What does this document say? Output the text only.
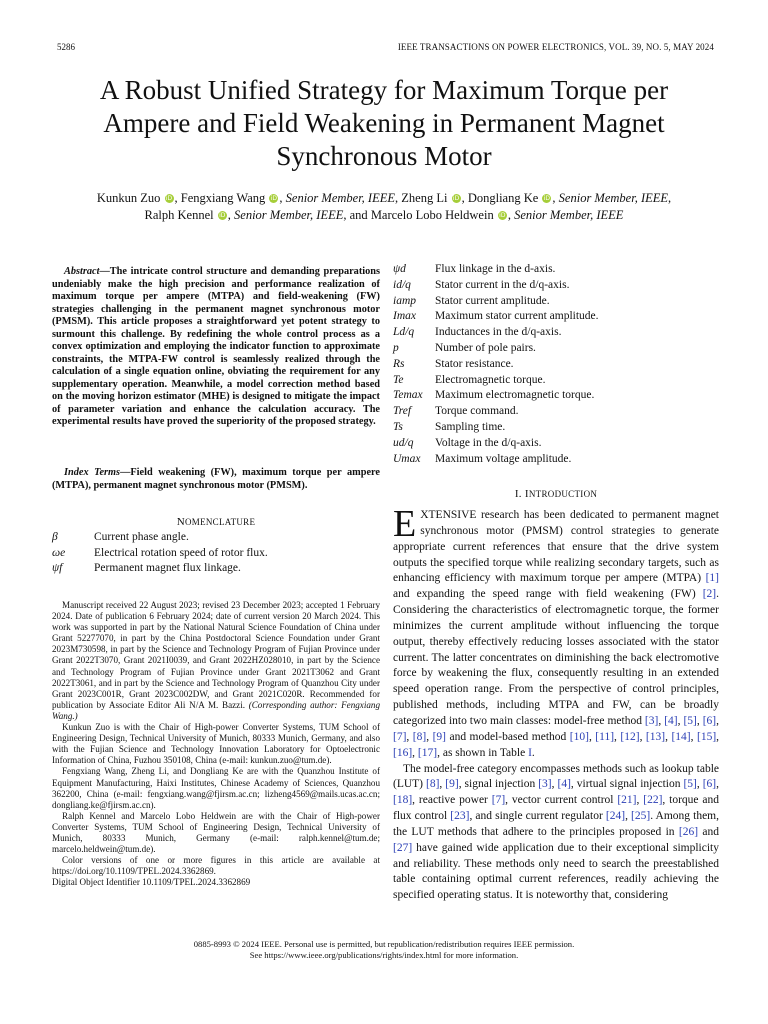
5286	IEEE TRANSACTIONS ON POWER ELECTRONICS, VOL. 39, NO. 5, MAY 2024
A Robust Unified Strategy for Maximum Torque per
Ampere and Field Weakening in Permanent Magnet
Synchronous Motor
Kunkun Zuo iD , Fengxiang Wang iD , Senior Member, IEEE, Zheng Li iD , Dongliang Ke iD , Senior Member, IEEE,
Ralph Kennel iD , Senior Member, IEEE, and Marcelo Lobo Heldwein iD , Senior Member, IEEE
Abstract—The intricate control structure and demanding preparations undeniably make the high precision and performance realization of maximum torque per ampere (MTPA) and field-weakening (FW) strategies challenging in the permanent magnet synchronous motor (PMSM). This article proposes a straightforward yet potent strategy to surmount this challenge. By redefining the whole control process as a convex optimization and employing the indicator function to approximate constraints, the MTPA-FW control is seamlessly realized through the calculation of a single equation online, obviating the requirement for any supplementary operation. Meanwhile, a model correction method based on the moving horizon estimator (MHE) is designed to mitigate the impact of parameter variation and enhance the calculation accuracy. The experimental results have proved the superiority of the proposed strategy.
Index Terms—Field weakening (FW), maximum torque per ampere (MTPA), permanent magnet synchronous motor (PMSM).
NOMENCLATURE
β	Current phase angle.
ωe	Electrical rotation speed of rotor flux.
ψf	Permanent magnet flux linkage.

Manuscript received 22 August 2023; revised 23 December 2023; accepted 1 February 2024. Date of publication 6 February 2024; date of current version 20 March 2024. This work was supported in part by the National Natural Science Foundation of China under Grant 52277070, in part by the China Postdoctoral Science Foundation under Grant 2023M730598, in part by the Science and Technology Program of Fujian Province under Grant 2022T3070, Grant 2021I0039, and Grant 2022HZ028010, in part by the Science and Technology Program of Fujian Province under Grant 2021T3062 and Grant 2022T3061, and in part by the Science and Technology Program of Quanzhou City under Grant 2023C001R, Grant 2023C002DW, and Grant 2021C020R. Recommended for publication by Associate Editor Ali N/A M. Bazzi. (Corresponding author: Fengxiang Wang.)

Kunkun Zuo is with the Chair of High-power Converter Systems, TUM School of Engineering Design, Technical University of Munich, 80333 Munich, Germany, and also with the Fujian Science and Technology Innovation Laboratory for Optoelectronic Information of China, Fuzhou 350108, China (e-mail: kunkun.zuo@tum.de).

Fengxiang Wang, Zheng Li, and Dongliang Ke are with the Quanzhou Institute of Equipment Manufacturing, Haixi Institutes, Chinese Academy of Sciences, Quanzhou 362200, China (e-mail: fengxiang.wang@fjirsm.ac.cn; lizheng4569@mails.ucas.ac.cn; dongliang.ke@fjirsm.ac.cn).

Ralph Kennel and Marcelo Lobo Heldwein are with the Chair of High-power Converter Systems, TUM School of Engineering Design, Technical University of Munich, 80333 Munich, Germany (e-mail: ralph.kennel@tum.de; marcelo.heldwein@tum.de).

Color versions of one or more figures in this article are available at https://doi.org/10.1109/TPEL.2024.3362869.

Digital Object Identifier 10.1109/TPEL.2024.3362869

ψd	Flux linkage in the d-axis.
id/q	Stator current in the d/q-axis.
iamp	Stator current amplitude.
Imax	Maximum stator current amplitude.
Ld/q	Inductances in the d/q-axis.
p	Number of pole pairs.
Rs	Stator resistance.
Te	Electromagnetic torque.
Temax	Maximum electromagnetic torque.
Tref	Torque command.
Ts	Sampling time.
ud/q	Voltage in the d/q-axis.
Umax	Maximum voltage amplitude.
I. INTRODUCTION

EXTENSIVE research has been dedicated to permanent magnet synchronous motor (PMSM) control strategies to generate appropriate current references that ensure that the drive system outputs the specified torque while realizing secondary targets, such as enhancing efficiency with maximum torque per ampere (MTPA) [1] and expanding the speed range with field weakening (FW) [2]. Considering the characteristics of electromagnetic torque, the former minimizes the current amplitude without influencing the torque output, thereby effectively reducing losses associated with the stator current. The latter concentrates on diminishing the back electromotive force by weakening the flux, consequently resulting in an extended speed operation range. From the perspective of control principles, published methods, including MTPA and FW, can be broadly categorized into two main classes: model-free method [3], [4], [5], [6], [7], [8], [9] and model-based method [10], [11], [12], [13], [14], [15], [16], [17], as shown in Table I.

The model-free category encompasses methods such as lookup table (LUT) [8], [9], signal injection [3], [4], virtual signal injection [5], [6], [18], reactive power [7], vector current control [21], [22], torque and flux control [23], and single current regulator [24], [25]. Among them, the LUT methods that adhere to the principles proposed in [26] and [27] have gained wide application due to their exceptional simplicity and reliability. These methods only need to search the preestablished table containing optimal current references, readily achieving the specified operating status. It is noteworthy that, considering

0885-8993 © 2024 IEEE. Personal use is permitted, but republication/redistribution requires IEEE permission.
See https://www.ieee.org/publications/rights/index.html for more information.
